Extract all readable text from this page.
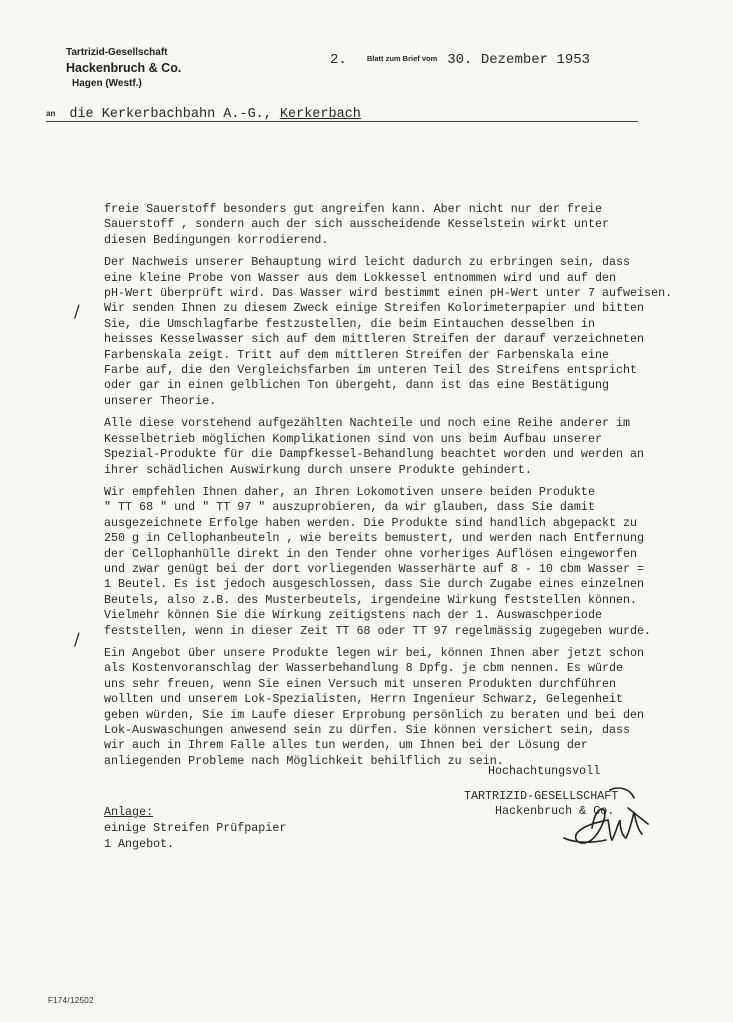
Tartrizid-Gesellschaft
Hackenbruch & Co.
Hagen (Westf.)
2.	Blatt zum Brief vom 30. Dezember 1953
an die Kerkerbachbahn A.-G., Kerkerbach
/
/

freie Sauerstoff besonders gut angreifen kann. Aber nicht nur der freie
Sauerstoff , sondern auch der sich ausscheidende Kesselstein wirkt unter
diesen Bedingungen korrodierend.

Der Nachweis unserer Behauptung wird leicht dadurch zu erbringen sein, dass
eine kleine Probe von Wasser aus dem Lokkessel entnommen wird und auf den
pH-Wert überprüft wird. Das Wasser wird bestimmt einen pH-Wert unter 7 aufweisen.
Wir senden Ihnen zu diesem Zweck einige Streifen Kolorimeterpapier und bitten
Sie, die Umschlagfarbe festzustellen, die beim Eintauchen desselben in
heisses Kesselwasser sich auf dem mittleren Streifen der darauf verzeichneten
Farbenskala zeigt. Tritt auf dem mittleren Streifen der Farbenskala eine
Farbe auf, die den Vergleichsfarben im unteren Teil des Streifens entspricht
oder gar in einen gelblichen Ton übergeht, dann ist das eine Bestätigung
unserer Theorie.

Alle diese vorstehend aufgezählten Nachteile und noch eine Reihe anderer im
Kesselbetrieb möglichen Komplikationen sind von uns beim Aufbau unserer
Spezial-Produkte für die Dampfkessel-Behandlung beachtet worden und werden an
ihrer schädlichen Auswirkung durch unsere Produkte gehindert.

Wir empfehlen Ihnen daher, an Ihren Lokomotiven unsere beiden Produkte
" TT 68 " und " TT 97 " auszuprobieren, da wir glauben, dass Sie damit
ausgezeichnete Erfolge haben werden. Die Produkte sind handlich abgepackt zu
250 g in Cellophanbeuteln , wie bereits bemustert, und werden nach Entfernung
der Cellophanhülle direkt in den Tender ohne vorheriges Auflösen eingeworfen
und zwar genügt bei der dort vorliegenden Wasserhärte auf 8 - 10 cbm Wasser =
1 Beutel. Es ist jedoch ausgeschlossen, dass Sie durch Zugabe eines einzelnen
Beutels, also z.B. des Musterbeutels, irgendeine Wirkung feststellen können.
Vielmehr können Sie die Wirkung zeitigstens nach der 1. Auswaschperiode
feststellen, wenn in dieser Zeit TT 68 oder TT 97 regelmässig zugegeben wurde.

Ein Angebot über unsere Produkte legen wir bei, können Ihnen aber jetzt schon
als Kostenvoranschlag der Wasserbehandlung 8 Dpfg. je cbm nennen. Es würde
uns sehr freuen, wenn Sie einen Versuch mit unseren Produkten durchführen
wollten und unserem Lok-Spezialisten, Herrn Ingenieur Schwarz, Gelegenheit
geben würden, Sie im Laufe dieser Erprobung persönlich zu beraten und bei den
Lok-Auswaschungen anwesend sein zu dürfen. Sie können versichert sein, dass
wir auch in Ihrem Falle alles tun werden, um Ihnen bei der Lösung der
anliegenden Probleme nach Möglichkeit behilflich zu sein.

Hochachtungsvoll
TARTRIZID-GESELLSCHAFT
Hackenbruch & Co.
Anlage:
einige Streifen Prüfpapier
1 Angebot.
F174/12502
